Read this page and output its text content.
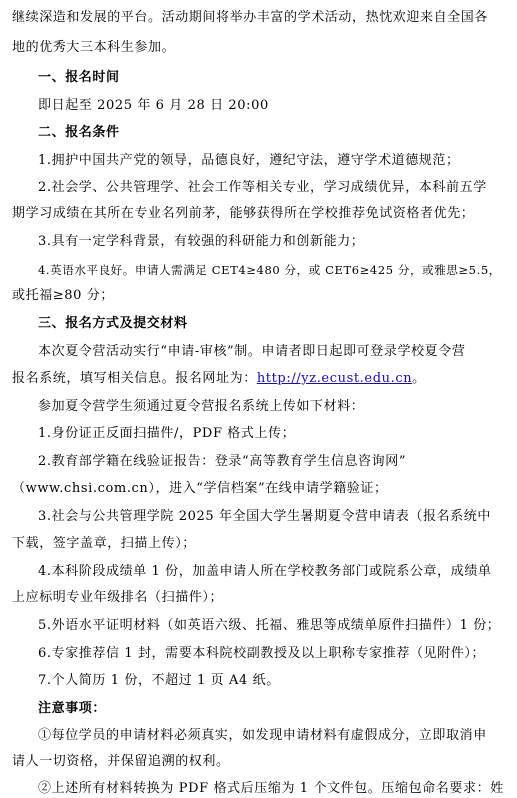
继续深造和发展的平台。活动期间将举办丰富的学术活动，热忱欢迎来自全国各
地的优秀大三本科生参加。
一、报名时间
即日起至 2025 年 6 月 28 日 20:00
二、报名条件
1.拥护中国共产党的领导，品德良好，遵纪守法，遵守学术道德规范；
2.社会学、公共管理学、社会工作等相关专业，学习成绩优异，本科前五学
期学习成绩在其所在专业名列前茅，能够获得所在学校推荐免试资格者优先；
3.具有一定学科背景，有较强的科研能力和创新能力；
4.英语水平良好。申请人需满足 CET4≥480 分，或 CET6≥425 分，或雅思≥5.5，
或托福≥80 分；
三、报名方式及提交材料
本次夏令营活动实行“申请-审核”制。申请者即日起即可登录学校夏令营
报名系统，填写相关信息。报名网址为：http://yz.ecust.edu.cn。
参加夏令营学生须通过夏令营报名系统上传如下材料：
1.身份证正反面扫描件/，PDF 格式上传；
2.教育部学籍在线验证报告：登录“高等教育学生信息咨询网”
（www.chsi.com.cn），进入“学信档案”在线申请学籍验证；
3.社会与公共管理学院 2025 年全国大学生暑期夏令营申请表（报名系统中
下载，签字盖章，扫描上传）；
4.本科阶段成绩单 1 份，加盖申请人所在学校教务部门或院系公章，成绩单
上应标明专业年级排名（扫描件）；
5.外语水平证明材料（如英语六级、托福、雅思等成绩单原件扫描件）1 份；
6.专家推荐信 1 封，需要本科院校副教授及以上职称专家推荐（见附件）；
7.个人简历 1 份，不超过 1 页 A4 纸。
注意事项：
①每位学员的申请材料必须真实，如发现申请材料有虚假成分，立即取消申
请人一切资格，并保留追溯的权利。
②上述所有材料转换为 PDF 格式后压缩为 1 个文件包。压缩包命名要求：姓
